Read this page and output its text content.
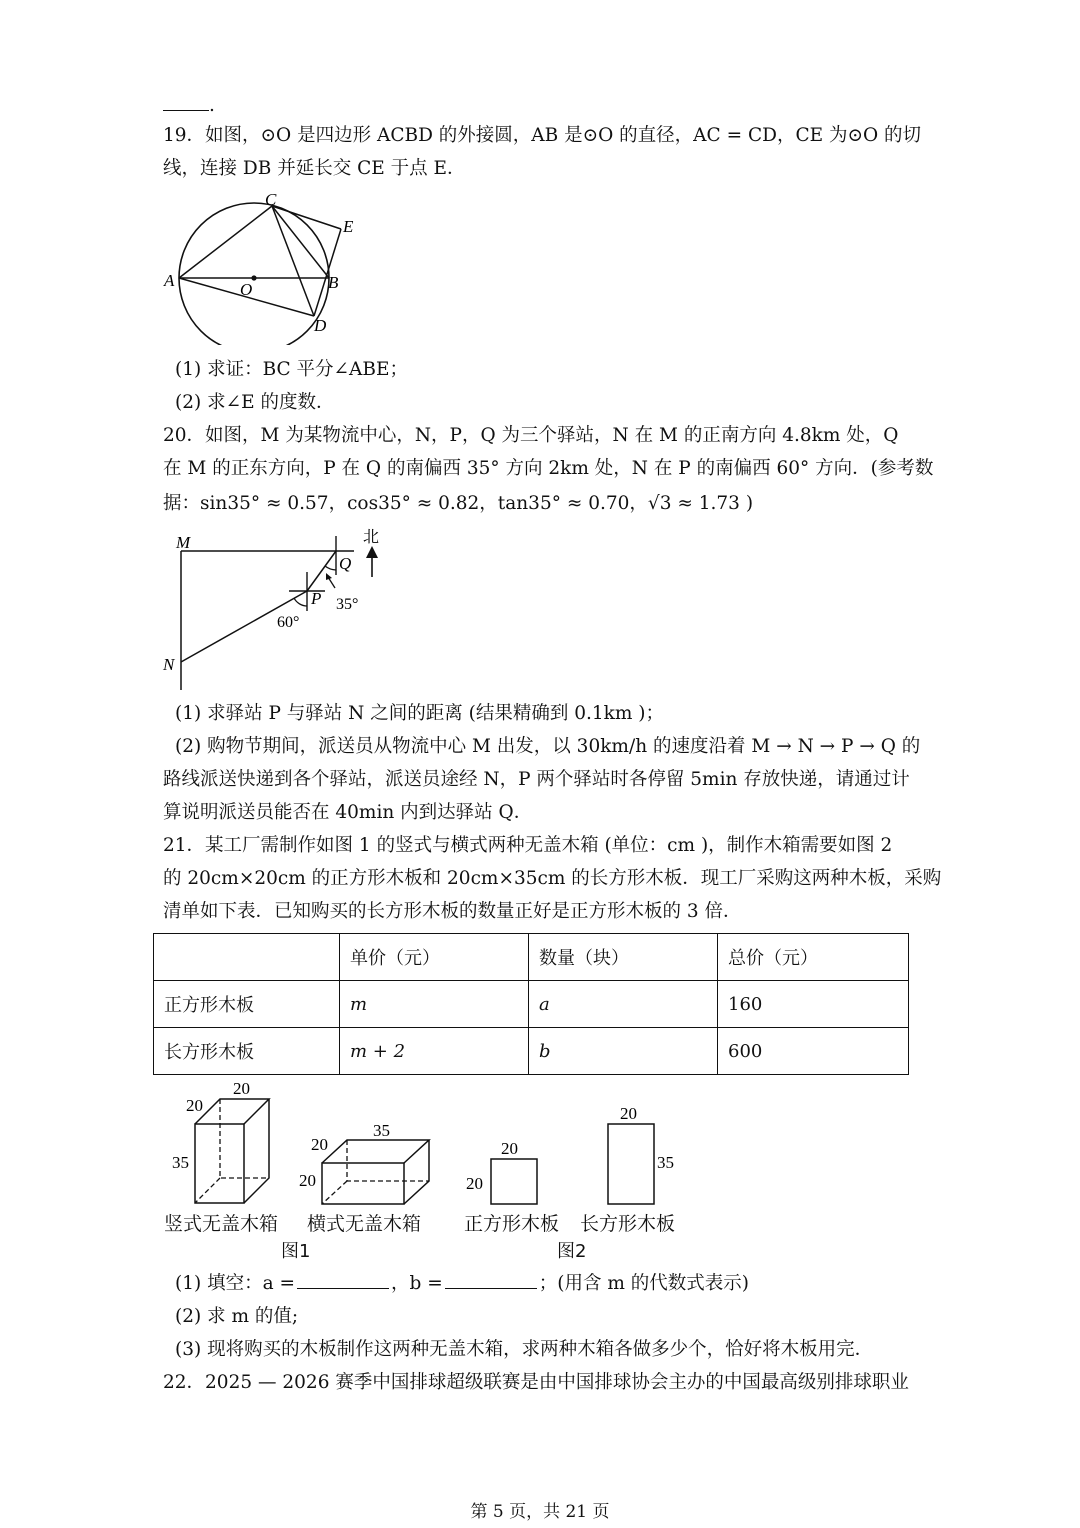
.
19．如图，⊙O 是四边形 ACBD 的外接圆，AB 是⊙O 的直径，AC = CD，CE 为⊙O 的切
线，连接 DB 并延长交 CE 于点 E．
C
E
A	O	B
D
(1) 求证：BC 平分∠ABE；
(2) 求∠E 的度数．
20．如图，M 为某物流中心，N，P，Q 为三个驿站，N 在 M 的正南方向 4.8km 处，Q
在 M 的正东方向，P 在 Q 的南偏西 35° 方向 2km 处，N 在 P 的南偏西 60° 方向．(参考数
据：sin35° ≈ 0.57，cos35° ≈ 0.82，tan35° ≈ 0.70，√3 ≈ 1.73 )
北
M
Q
P
N
35°
60°
(1) 求驿站 P 与驿站 N 之间的距离 (结果精确到 0.1km )；
(2) 购物节期间，派送员从物流中心 M 出发，以 30km/h 的速度沿着 M → N → P → Q 的
路线派送快递到各个驿站，派送员途经 N，P 两个驿站时各停留 5min 存放快递，请通过计
算说明派送员能否在 40min 内到达驿站 Q．
21．某工厂需制作如图 1 的竖式与横式两种无盖木箱 (单位：cm )，制作木箱需要如图 2
的 20cm×20cm 的正方形木板和 20cm×35cm 的长方形木板．现工厂采购这两种木板，采购
清单如下表．已知购买的长方形木板的数量正好是正方形木板的 3 倍．
	单价（元）	数量（块）	总价（元）
正方形木板	m	a	160
长方形木板	m + 2	b	600
20
20
35
20
35
20
20
20
20
35
竖式无盖木箱 横式无盖木箱 正方形木板 长方形木板
图1	图2
(1) 填空：a =	，b =	；(用含 m 的代数式表示)
(2) 求 m 的值;
(3) 现将购买的木板制作这两种无盖木箱，求两种木箱各做多少个，恰好将木板用完．
22．2025 — 2026 赛季中国排球超级联赛是由中国排球协会主办的中国最高级别排球职业
第 5 页，共 21 页
